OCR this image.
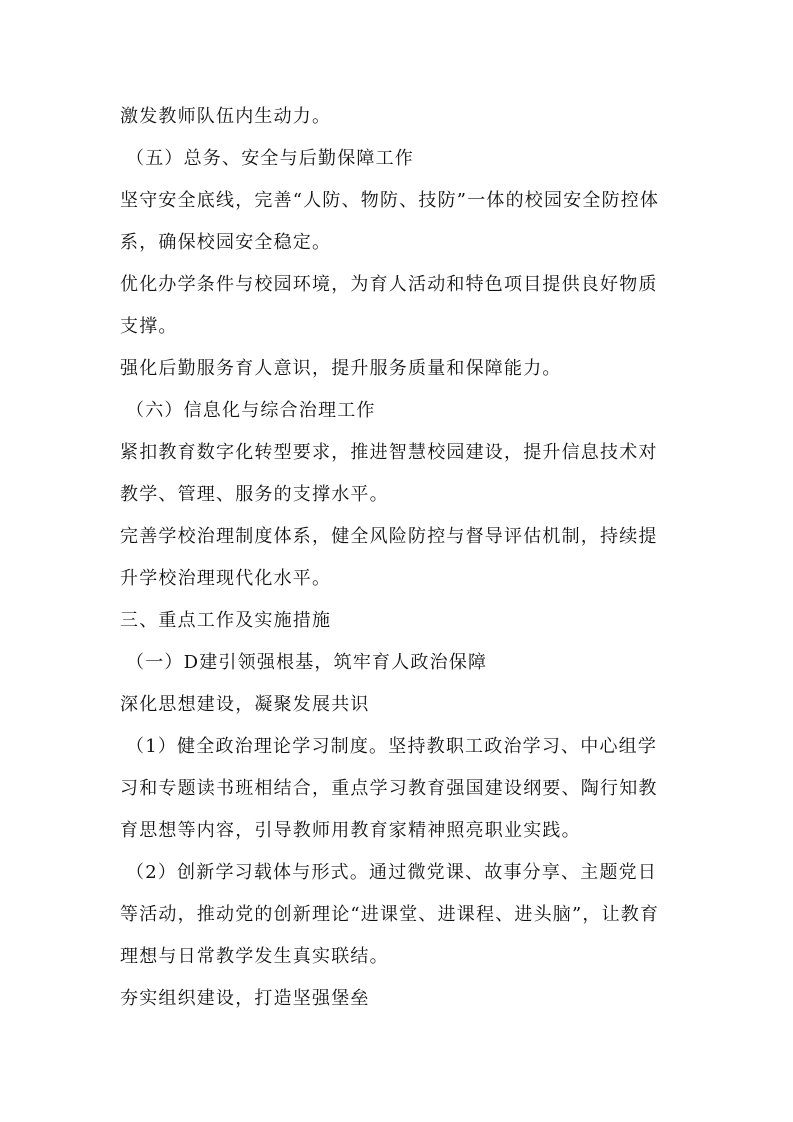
激发教师队伍内生动力。
（五）总务、安全与后勤保障工作
坚守安全底线，完善“人防、物防、技防”一体的校园安全防控体
系，确保校园安全稳定。
优化办学条件与校园环境，为育人活动和特色项目提供良好物质
支撑。
强化后勤服务育人意识，提升服务质量和保障能力。
（六）信息化与综合治理工作
紧扣教育数字化转型要求，推进智慧校园建设，提升信息技术对
教学、管理、服务的支撑水平。
完善学校治理制度体系，健全风险防控与督导评估机制，持续提
升学校治理现代化水平。
三、重点工作及实施措施
（一）D建引领强根基，筑牢育人政治保障
深化思想建设，凝聚发展共识
（1）健全政治理论学习制度。坚持教职工政治学习、中心组学
习和专题读书班相结合，重点学习教育强国建设纲要、陶行知教
育思想等内容，引导教师用教育家精神照亮职业实践。
（2）创新学习载体与形式。通过微党课、故事分享、主题党日
等活动，推动党的创新理论“进课堂、进课程、进头脑”，让教育
理想与日常教学发生真实联结。
夯实组织建设，打造坚强堡垒
